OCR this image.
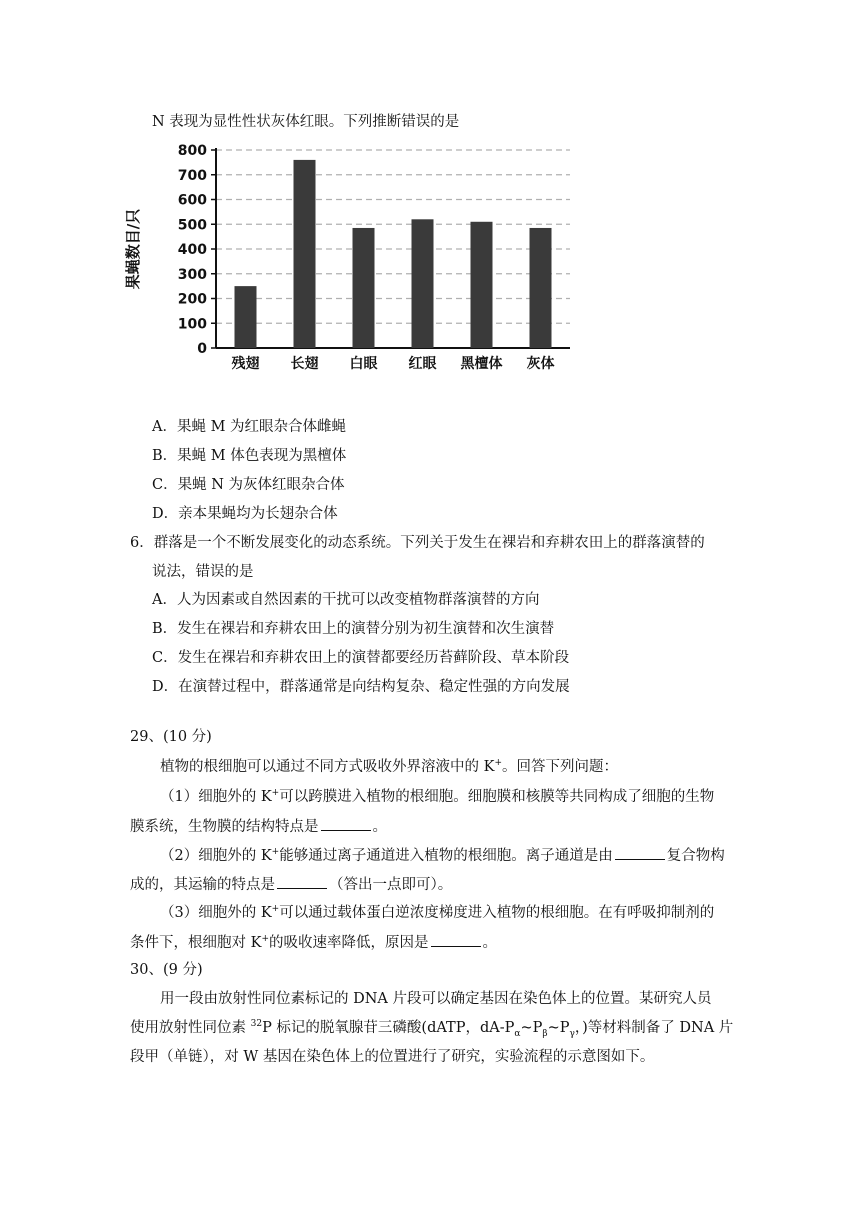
N 表现为显性性状灰体红眼。下列推断错误的是
0
100
200
300
400
500
600
700
800
残翅 长翅 白眼 红眼 黑檀体 灰体
果蝇数目/只
A．果蝇 M 为红眼杂合体雌蝇
B．果蝇 M 体色表现为黑檀体
C．果蝇 N 为灰体红眼杂合体
D．亲本果蝇均为长翅杂合体
6．群落是一个不断发展变化的动态系统。下列关于发生在裸岩和弃耕农田上的群落演替的
说法，错误的是
A．人为因素或自然因素的干扰可以改变植物群落演替的方向
B．发生在裸岩和弃耕农田上的演替分别为初生演替和次生演替
C．发生在裸岩和弃耕农田上的演替都要经历苔藓阶段、草本阶段
D．在演替过程中，群落通常是向结构复杂、稳定性强的方向发展
29、(10 分)
植物的根细胞可以通过不同方式吸收外界溶液中的 K+。回答下列问题：
（1）细胞外的 K+可以跨膜进入植物的根细胞。细胞膜和核膜等共同构成了细胞的生物
膜系统，生物膜的结构特点是	。
（2）细胞外的 K+能够通过离子通道进入植物的根细胞。离子通道是由	复合物构
成的，其运输的特点是	（答出一点即可）。
（3）细胞外的 K+可以通过载体蛋白逆浓度梯度进入植物的根细胞。在有呼吸抑制剂的
条件下，根细胞对 K+的吸收速率降低，原因是	。
30、(9 分)
用一段由放射性同位素标记的 DNA 片段可以确定基因在染色体上的位置。某研究人员
使用放射性同位素 $^{32}$P 标记的脱氧腺苷三磷酸(dATP，$dA-P_\alpha\sim P_\beta\sim P_\gamma$，)等材料制备了 DNA 片
段甲（单链），对 W 基因在染色体上的位置进行了研究，实验流程的示意图如下。
